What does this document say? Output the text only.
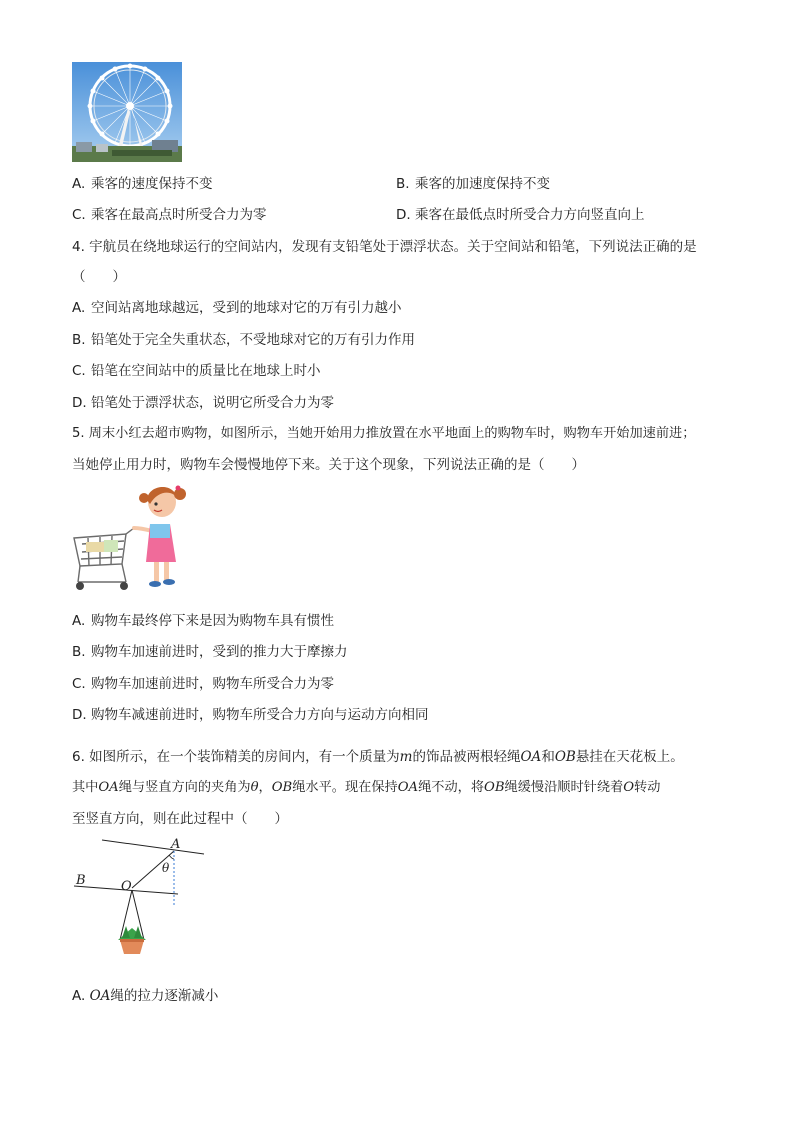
A. 乘客的速度保持不变	B. 乘客的加速度保持不变
C. 乘客在最高点时所受合力为零	D. 乘客在最低点时所受合力方向竖直向上
4. 宇航员在绕地球运行的空间站内，发现有支铅笔处于漂浮状态。关于空间站和铅笔，下列说法正确的是
（　　）
A. 空间站离地球越远，受到的地球对它的万有引力越小
B. 铅笔处于完全失重状态，不受地球对它的万有引力作用
C. 铅笔在空间站中的质量比在地球上时小
D. 铅笔处于漂浮状态，说明它所受合力为零
5. 周末小红去超市购物，如图所示，当她开始用力推放置在水平地面上的购物车时，购物车开始加速前进；
当她停止用力时，购物车会慢慢地停下来。关于这个现象，下列说法正确的是（　　）
A. 购物车最终停下来是因为购物车具有惯性
B. 购物车加速前进时，受到的推力大于摩擦力
C. 购物车加速前进时，购物车所受合力为零
D. 购物车减速前进时，购物车所受合力方向与运动方向相同
6. 如图所示，在一个装饰精美的房间内，有一个质量为m的饰品被两根轻绳OA和OB悬挂在天花板上。
其中OA绳与竖直方向的夹角为θ，OB绳水平。现在保持OA绳不动，将OB绳缓慢沿顺时针绕着O转动
至竖直方向，则在此过程中（　　）
A
θ
B	O
A. OA绳的拉力逐渐减小
